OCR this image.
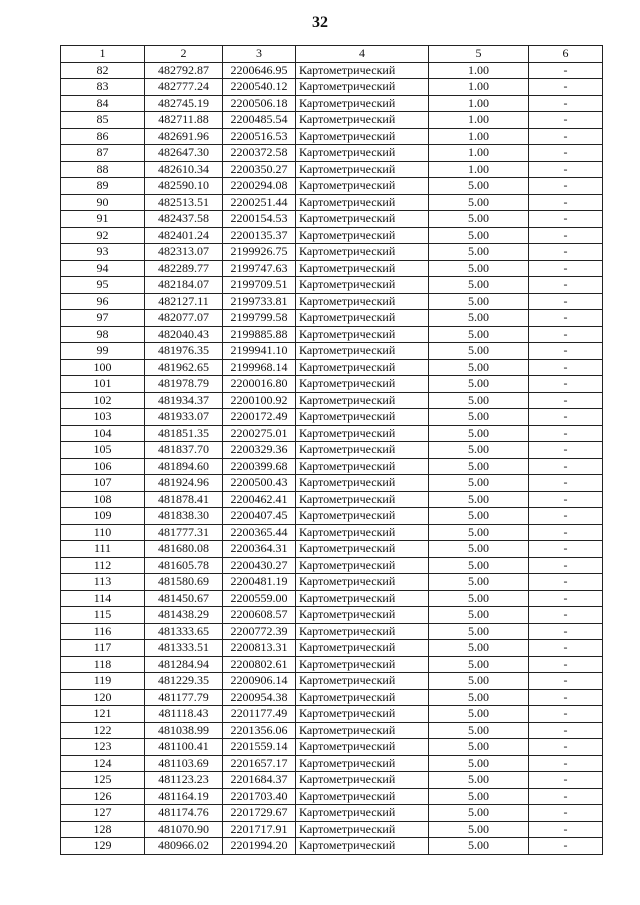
32
1	2	3	4	5	6
82	482792.87	2200646.95	Картометрический	1.00	-
83	482777.24	2200540.12	Картометрический	1.00	-
84	482745.19	2200506.18	Картометрический	1.00	-
85	482711.88	2200485.54	Картометрический	1.00	-
86	482691.96	2200516.53	Картометрический	1.00	-
87	482647.30	2200372.58	Картометрический	1.00	-
88	482610.34	2200350.27	Картометрический	1.00	-
89	482590.10	2200294.08	Картометрический	5.00	-
90	482513.51	2200251.44	Картометрический	5.00	-
91	482437.58	2200154.53	Картометрический	5.00	-
92	482401.24	2200135.37	Картометрический	5.00	-
93	482313.07	2199926.75	Картометрический	5.00	-
94	482289.77	2199747.63	Картометрический	5.00	-
95	482184.07	2199709.51	Картометрический	5.00	-
96	482127.11	2199733.81	Картометрический	5.00	-
97	482077.07	2199799.58	Картометрический	5.00	-
98	482040.43	2199885.88	Картометрический	5.00	-
99	481976.35	2199941.10	Картометрический	5.00	-
100	481962.65	2199968.14	Картометрический	5.00	-
101	481978.79	2200016.80	Картометрический	5.00	-
102	481934.37	2200100.92	Картометрический	5.00	-
103	481933.07	2200172.49	Картометрический	5.00	-
104	481851.35	2200275.01	Картометрический	5.00	-
105	481837.70	2200329.36	Картометрический	5.00	-
106	481894.60	2200399.68	Картометрический	5.00	-
107	481924.96	2200500.43	Картометрический	5.00	-
108	481878.41	2200462.41	Картометрический	5.00	-
109	481838.30	2200407.45	Картометрический	5.00	-
110	481777.31	2200365.44	Картометрический	5.00	-
111	481680.08	2200364.31	Картометрический	5.00	-
112	481605.78	2200430.27	Картометрический	5.00	-
113	481580.69	2200481.19	Картометрический	5.00	-
114	481450.67	2200559.00	Картометрический	5.00	-
115	481438.29	2200608.57	Картометрический	5.00	-
116	481333.65	2200772.39	Картометрический	5.00	-
117	481333.51	2200813.31	Картометрический	5.00	-
118	481284.94	2200802.61	Картометрический	5.00	-
119	481229.35	2200906.14	Картометрический	5.00	-
120	481177.79	2200954.38	Картометрический	5.00	-
121	481118.43	2201177.49	Картометрический	5.00	-
122	481038.99	2201356.06	Картометрический	5.00	-
123	481100.41	2201559.14	Картометрический	5.00	-
124	481103.69	2201657.17	Картометрический	5.00	-
125	481123.23	2201684.37	Картометрический	5.00	-
126	481164.19	2201703.40	Картометрический	5.00	-
127	481174.76	2201729.67	Картометрический	5.00	-
128	481070.90	2201717.91	Картометрический	5.00	-
129	480966.02	2201994.20	Картометрический	5.00	-
